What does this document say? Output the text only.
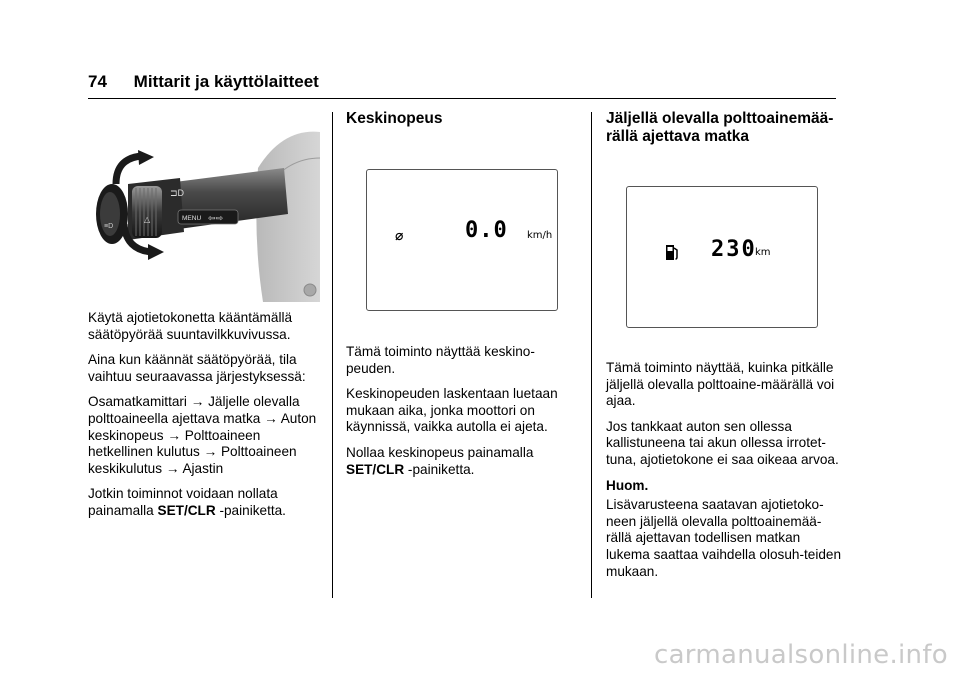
74 Mittarit ja käyttölaitteet
≡D
⊐D
△	MENU ⇦⇨

Käytä ajotietokonetta kääntämällä säätöpyörää suuntavilkkuvivussa.

Aina kun käännät säätöpyörää, tila vaihtuu seuraavassa järjestyksessä:

Osamatkamittari → Jäljelle olevalla polttoaineella ajettava matka → Auton keskinopeus → Polttoaineen hetkellinen kulutus → Polttoaineen keskikulutus → Ajastin

Jotkin toiminnot voidaan nollata painamalla SET/CLR -painiketta.

Keskinopeus
⌀	0.0 km/h

Tämä toiminto näyttää keskino-peuden.

Keskinopeuden laskentaan luetaan mukaan aika, jonka moottori on käynnissä, vaikka autolla ei ajeta.

Nollaa keskinopeus painamalla SET/CLR -painiketta.

Jäljellä olevalla polttoainemää-
rällä ajettava matka
230
km

Tämä toiminto näyttää, kuinka pitkälle jäljellä olevalla polttoaine-määrällä voi ajaa.

Jos tankkaat auton sen ollessa kallistuneena tai akun ollessa irrotet-tuna, ajotietokone ei saa oikeaa arvoa.

Huom.

Lisävarusteena saatavan ajotietoko-neen jäljellä olevalla polttoainemää-rällä ajettavan todellisen matkan lukema saattaa vaihdella olosuh-teiden mukaan.

carmanualsonline.info
